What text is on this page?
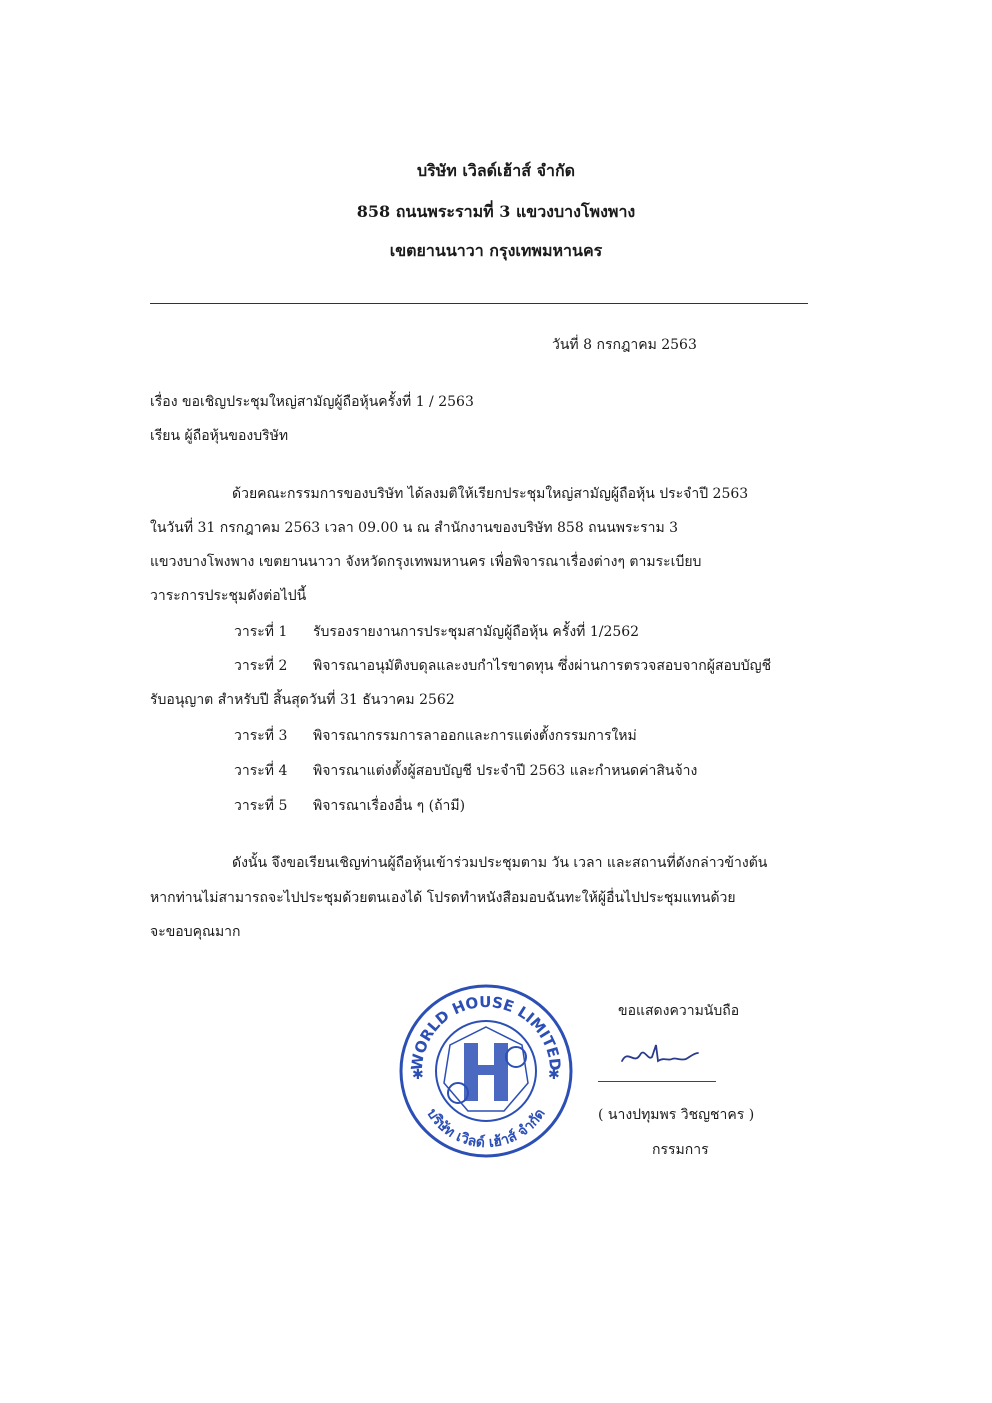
บริษัท เวิลด์เฮ้าส์ จำกัด
858 ถนนพระรามที่ 3 แขวงบางโพงพาง
เขตยานนาวา กรุงเทพมหานคร
วันที่ 8 กรกฎาคม 2563
เรื่อง ขอเชิญประชุมใหญ่สามัญผู้ถือหุ้นครั้งที่ 1 / 2563
เรียน ผู้ถือหุ้นของบริษัท
ด้วยคณะกรรมการของบริษัท ได้ลงมติให้เรียกประชุมใหญ่สามัญผู้ถือหุ้น ประจำปี 2563
ในวันที่ 31 กรกฎาคม 2563 เวลา 09.00 น ณ สำนักงานของบริษัท 858 ถนนพระราม 3
แขวงบางโพงพาง เขตยานนาวา จังหวัดกรุงเทพมหานคร เพื่อพิจารณาเรื่องต่างๆ ตามระเบียบ
วาระการประชุมดังต่อไปนี้
วาระที่ 1 รับรองรายงานการประชุมสามัญผู้ถือหุ้น ครั้งที่ 1/2562
วาระที่ 2 พิจารณาอนุมัติงบดุลและงบกำไรขาดทุน ซึ่งผ่านการตรวจสอบจากผู้สอบบัญชี
รับอนุญาต สำหรับปี สิ้นสุดวันที่ 31 ธันวาคม 2562
วาระที่ 3 พิจารณากรรมการลาออกและการแต่งตั้งกรรมการใหม่
วาระที่ 4 พิจารณาแต่งตั้งผู้สอบบัญชี ประจำปี 2563 และกำหนดค่าสินจ้าง
วาระที่ 5 พิจารณาเรื่องอื่น ๆ (ถ้ามี)
ดังนั้น จึงขอเรียนเชิญท่านผู้ถือหุ้นเข้าร่วมประชุมตาม วัน เวลา และสถานที่ดังกล่าวข้างต้น
หากท่านไม่สามารถจะไปประชุมด้วยตนเองได้ โปรดทำหนังสือมอบฉันทะให้ผู้อื่นไปประชุมแทนด้วย
จะขอบคุณมาก
WORLD HOUSE LIMITED
บริษัท เวิลด์ เฮ้าส์ จำกัด
✱	✱
ขอแสดงความนับถือ
( นางปทุมพร วิชญชาคร )
กรรมการ
